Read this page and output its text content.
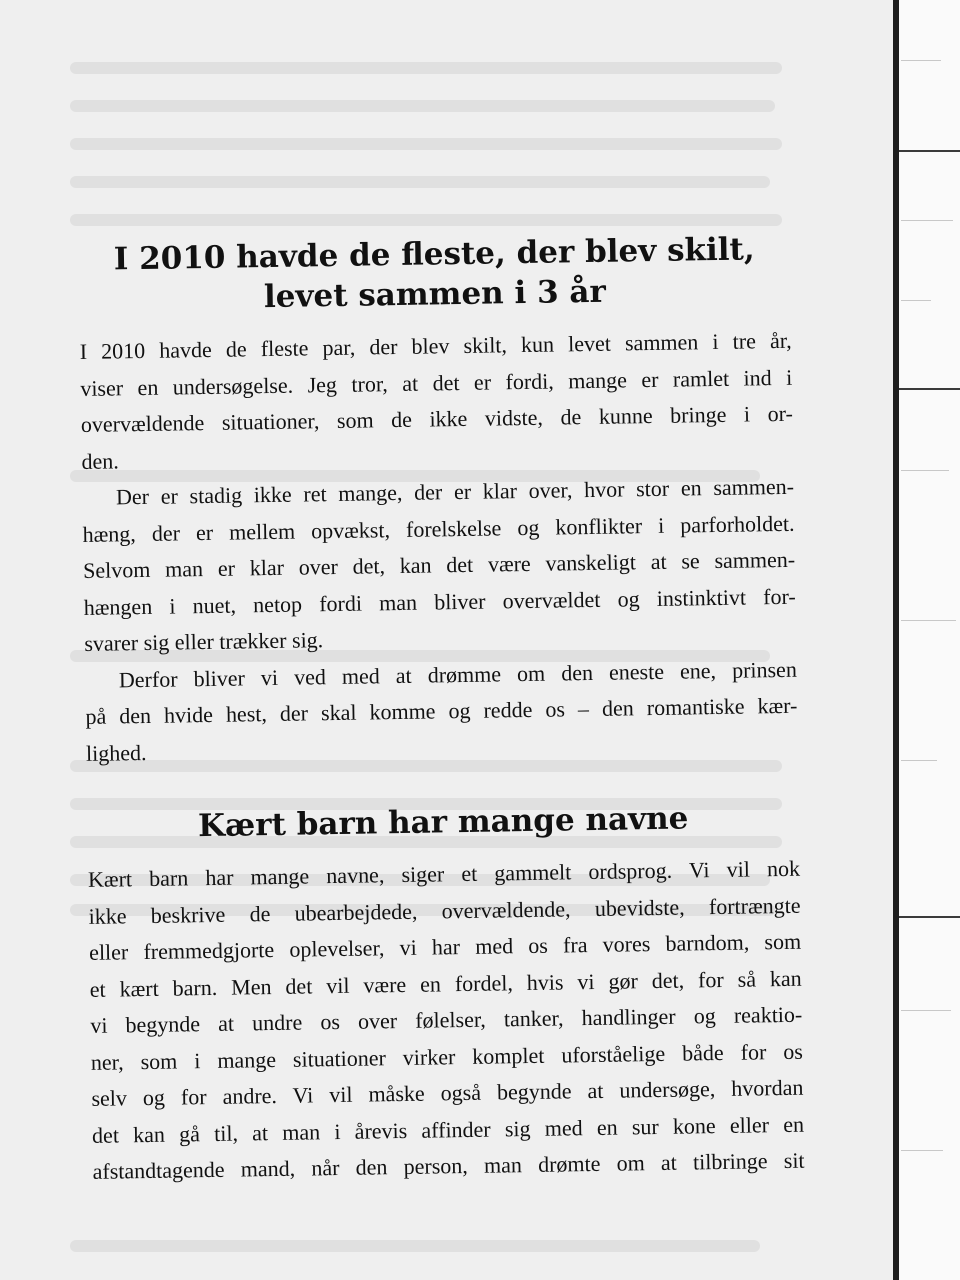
I 2010 havde de fleste, der blev skilt,
levet sammen i 3 år
I 2010 havde de fleste par, der blev skilt, kun levet sammen i tre år,
viser en undersøgelse. Jeg tror, at det er fordi, mange er ramlet ind i
overvældende situationer, som de ikke vidste, de kunne bringe i or-
den.
Der er stadig ikke ret mange, der er klar over, hvor stor en sammen-
hæng, der er mellem opvækst, forelskelse og konflikter i parforholdet.
Selvom man er klar over det, kan det være vanskeligt at se sammen-
hængen i nuet, netop fordi man bliver overvældet og instinktivt for-
svarer sig eller trækker sig.
Derfor bliver vi ved med at drømme om den eneste ene, prinsen
på den hvide hest, der skal komme og redde os – den romantiske kær-
lighed.
Kært barn har mange navne
Kært barn har mange navne, siger et gammelt ordsprog. Vi vil nok
ikke beskrive de ubearbejdede, overvældende, ubevidste, fortrængte
eller fremmedgjorte oplevelser, vi har med os fra vores barndom, som
et kært barn. Men det vil være en fordel, hvis vi gør det, for så kan
vi begynde at undre os over følelser, tanker, handlinger og reaktio-
ner, som i mange situationer virker komplet uforståelige både for os
selv og for andre. Vi vil måske også begynde at undersøge, hvordan
det kan gå til, at man i årevis affinder sig med en sur kone eller en
afstandtagende mand, når den person, man drømte om at tilbringe sit
